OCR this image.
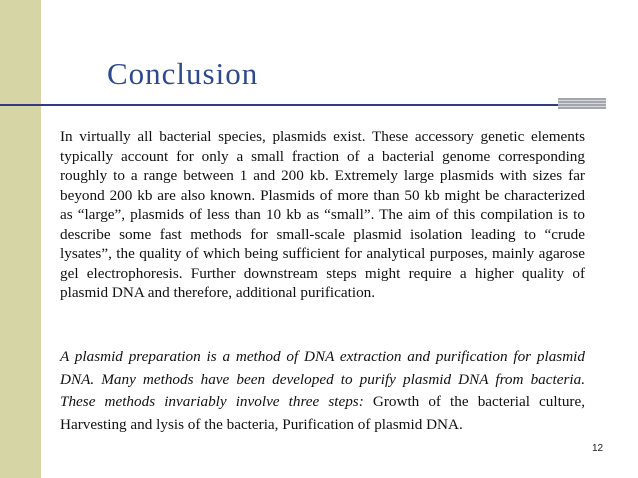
Conclusion

In virtually all bacterial species, plasmids exist. These accessory genetic elements typically account for only a small fraction of a bacterial genome corresponding roughly to a range between 1 and 200 kb. Extremely large plasmids with sizes far beyond 200 kb are also known. Plasmids of more than 50 kb might be characterized as “large”, plasmids of less than 10 kb as “small”. The aim of this compilation is to describe some fast methods for small-scale plasmid isolation leading to “crude lysates”, the quality of which being sufficient for analytical purposes, mainly agarose gel electrophoresis. Further downstream steps might require a higher quality of plasmid DNA and therefore, additional purification.

A plasmid preparation is a method of DNA extraction and purification for plasmid DNA. Many methods have been developed to purify plasmid DNA from bacteria. These methods invariably involve three steps: Growth of the bacterial culture, Harvesting and lysis of the bacteria, Purification of plasmid DNA.

12
